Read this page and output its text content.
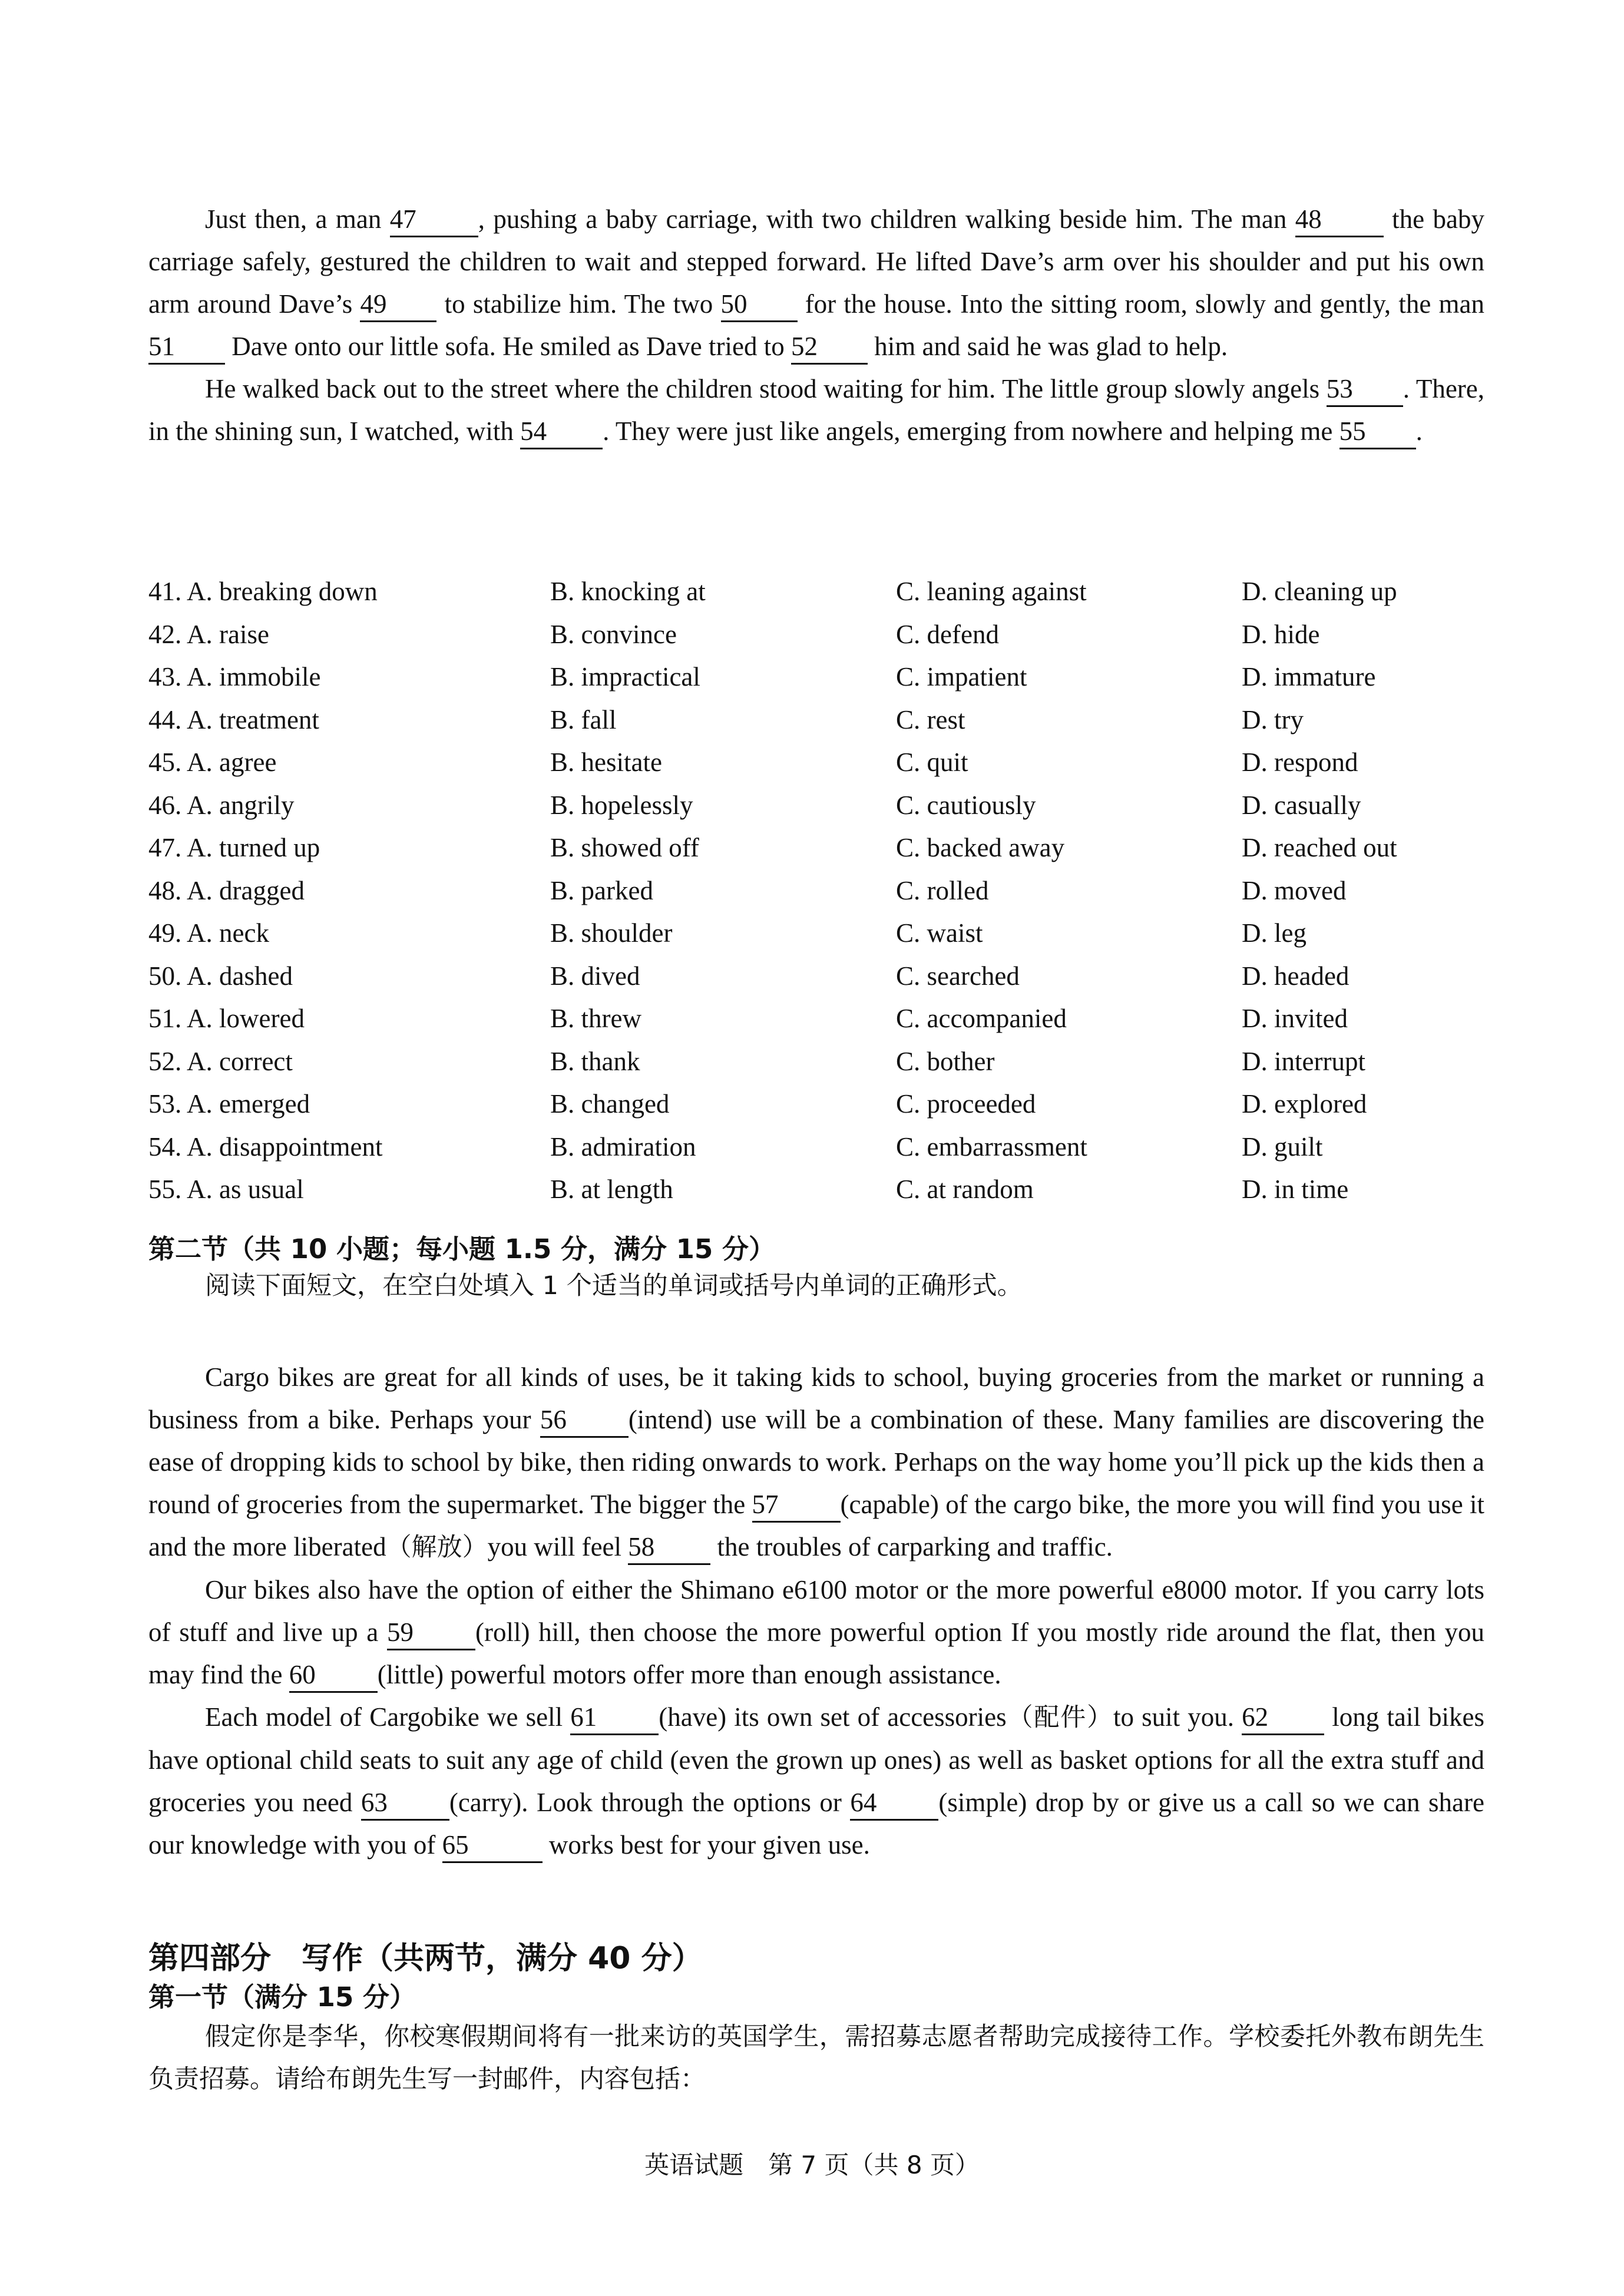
Just then, a man 47 , pushing a baby carriage, with two children walking beside him. The man 48 the baby carriage safely, gestured the children to wait and stepped forward. He lifted Dave’s arm over his shoulder and put his own arm around Dave’s 49 to stabilize him. The two 50 for the house. Into the sitting room, slowly and gently, the man 51 Dave onto our little sofa. He smiled as Dave tried to 52 him and said he was glad to help.

He walked back out to the street where the children stood waiting for him. The little group slowly angels 53 . There, in the shining sun, I watched, with 54 . They were just like angels, emerging from nowhere and helping me 55 .

41. A. breaking down	B. knocking at	C. leaning against	D. cleaning up
42. A. raise	B. convince	C. defend	D. hide
43. A. immobile	B. impractical	C. impatient	D. immature
44. A. treatment	B. fall	C. rest	D. try
45. A. agree	B. hesitate	C. quit	D. respond
46. A. angrily	B. hopelessly	C. cautiously	D. casually
47. A. turned up	B. showed off	C. backed away	D. reached out
48. A. dragged	B. parked	C. rolled	D. moved
49. A. neck	B. shoulder	C. waist	D. leg
50. A. dashed	B. dived	C. searched	D. headed
51. A. lowered	B. threw	C. accompanied	D. invited
52. A. correct	B. thank	C. bother	D. interrupt
53. A. emerged	B. changed	C. proceeded	D. explored
54. A. disappointment	B. admiration	C. embarrassment	D. guilt
55. A. as usual	B. at length	C. at random	D. in time
第二节（共 10 小题；每小题 1.5 分，满分 15 分）
阅读下面短文，在空白处填入 1 个适当的单词或括号内单词的正确形式。

Cargo bikes are great for all kinds of uses, be it taking kids to school, buying groceries from the market or running a business from a bike. Perhaps your 56 (intend) use will be a combination of these. Many families are discovering the ease of dropping kids to school by bike, then riding onwards to work. Perhaps on the way home you’ll pick up the kids then a round of groceries from the supermarket. The bigger the 57 (capable) of the cargo bike, the more you will find you use it and the more liberated（解放）you will feel 58 the troubles of carparking and traffic.

Our bikes also have the option of either the Shimano e6100 motor or the more powerful e8000 motor. If you carry lots of stuff and live up a 59 (roll) hill, then choose the more powerful option If you mostly ride around the flat, then you may find the 60 (little) powerful motors offer more than enough assistance.

Each model of Cargobike we sell 61 (have) its own set of accessories（配件）to suit you. 62 long tail bikes have optional child seats to suit any age of child (even the grown up ones) as well as basket options for all the extra stuff and groceries you need 63 (carry). Look through the options or 64 (simple) drop by or give us a call so we can share our knowledge with you of 65	works best for your given use.

第四部分　写作（共两节，满分 40 分）
第一节（满分 15 分）
假定你是李华，你校寒假期间将有一批来访的英国学生，需招募志愿者帮助完成接待工作。学校委托外教布朗先生负责招募。请给布朗先生写一封邮件，内容包括：
英语试题　第 7 页（共 8 页）
